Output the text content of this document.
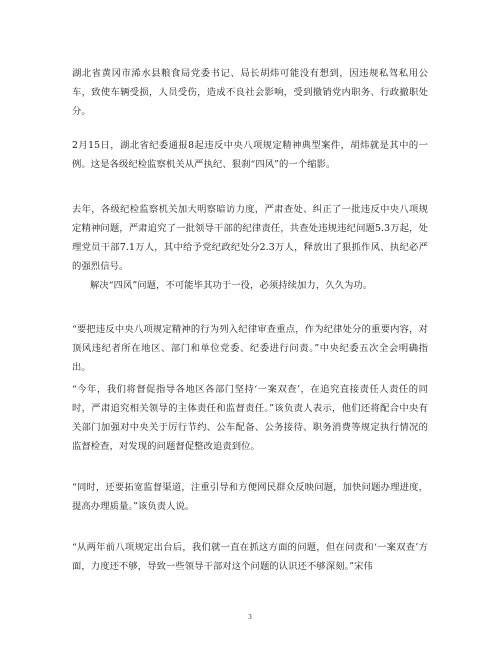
湖北省黄冈市浠水县粮食局党委书记、局长胡炜可能没有想到，因违规私驾私用公车，致使车辆受损，人员受伤，造成不良社会影响，受到撤销党内职务、行政撤职处分。

2月15日，湖北省纪委通报8起违反中央八项规定精神典型案件，胡炜就是其中的一例。这是各级纪检监察机关从严执纪、狠刹“四风”的一个缩影。

去年，各级纪检监察机关加大明察暗访力度，严肃查处、纠正了一批违反中央八项规定精神问题，严肃追究了一批领导干部的纪律责任，共查处违规违纪问题5.3万起，处理党员干部7.1万人，其中给予党纪政纪处分2.3万人，释放出了狠抓作风、执纪必严的强烈信号。

解决“四风”问题，不可能毕其功于一役，必须持续加力，久久为功。

“要把违反中央八项规定精神的行为列入纪律审查重点，作为纪律处分的重要内容，对顶风违纪者所在地区、部门和单位党委、纪委进行问责。”中央纪委五次全会明确指出。

“今年，我们将督促指导各地区各部门坚持‘一案双查’，在追究直接责任人责任的同时，严肃追究相关领导的主体责任和监督责任。”该负责人表示，他们还将配合中央有关部门加强对中央关于厉行节约、公车配备、公务接待、职务消费等规定执行情况的监督检查，对发现的问题督促整改追责到位。

“同时，还要拓宽监督渠道，注重引导和方便网民群众反映问题，加快问题办理进度，提高办理质量。”该负责人说。

“从两年前八项规定出台后，我们就一直在抓这方面的问题，但在问责和‘一案双查’方面，力度还不够，导致一些领导干部对这个问题的认识还不够深刻。”宋伟

3
